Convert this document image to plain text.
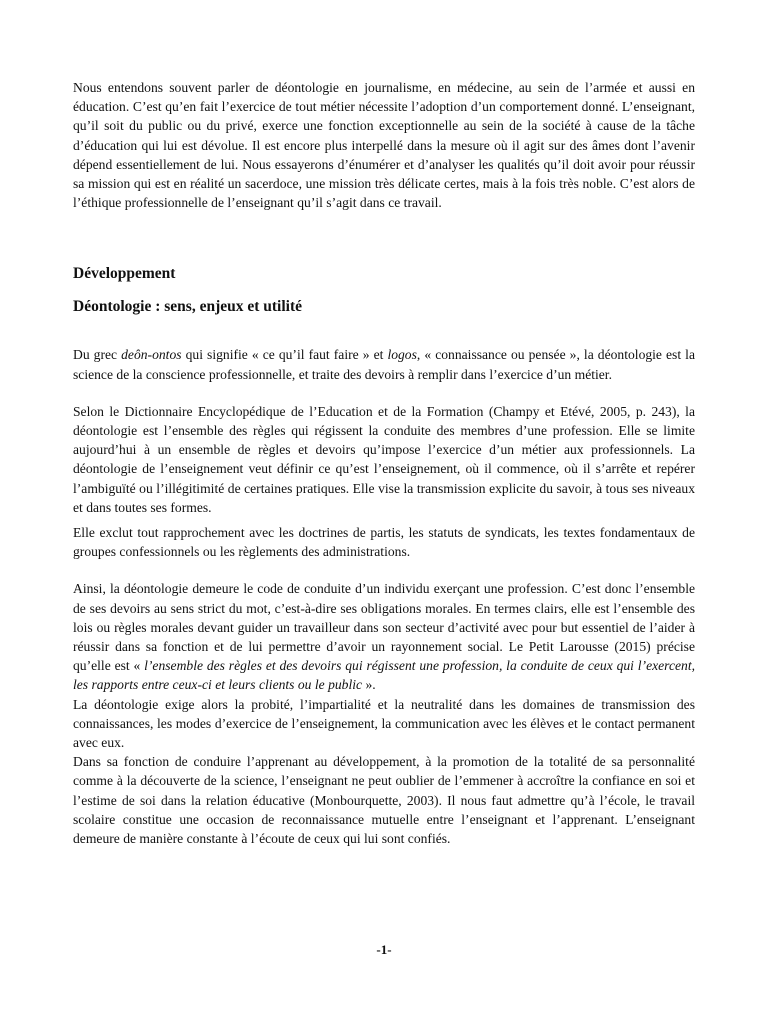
Nous entendons souvent parler de déontologie en journalisme, en médecine, au sein de l’armée et aussi en éducation. C’est qu’en fait l’exercice de tout métier nécessite l’adoption d’un comportement donné. L’enseignant, qu’il soit du public ou du privé, exerce une fonction exceptionnelle au sein de la société à cause de la tâche d’éducation qui lui est dévolue. Il est encore plus interpellé dans la mesure où il agit sur des âmes dont l’avenir dépend essentiellement de lui. Nous essayerons d’énumérer et d’analyser les qualités qu’il doit avoir pour réussir sa mission qui est en réalité un sacerdoce, une mission très délicate certes, mais à la fois très noble. C’est alors de l’éthique professionnelle de l’enseignant qu’il s’agit dans ce travail.

Développement
Déontologie : sens, enjeux et utilité

Du grec deôn-ontos qui signifie « ce qu’il faut faire » et logos, « connaissance ou pensée », la déontologie est la science de la conscience professionnelle, et traite des devoirs à remplir dans l’exercice d’un métier.

Selon le Dictionnaire Encyclopédique de l’Education et de la Formation (Champy et Etévé, 2005, p. 243), la déontologie est l’ensemble des règles qui régissent la conduite des membres d’une profession. Elle se limite aujourd’hui à un ensemble de règles et devoirs qu’impose l’exercice d’un métier aux professionnels. La déontologie de l’enseignement veut définir ce qu’est l’enseignement, où il commence, où il s’arrête et repérer l’ambiguïté ou l’illégitimité de certaines pratiques. Elle vise la transmission explicite du savoir, à tous ses niveaux et dans toutes ses formes.

Elle exclut tout rapprochement avec les doctrines de partis, les statuts de syndicats, les textes fondamentaux de groupes confessionnels ou les règlements des administrations.

Ainsi, la déontologie demeure le code de conduite d’un individu exerçant une profession. C’est donc l’ensemble de ses devoirs au sens strict du mot, c’est-à-dire ses obligations morales. En termes clairs, elle est l’ensemble des lois ou règles morales devant guider un travailleur dans son secteur d’activité avec pour but essentiel de l’aider à réussir dans sa fonction et de lui permettre d’avoir un rayonnement social. Le Petit Larousse (2015) précise qu’elle est « l’ensemble des règles et des devoirs qui régissent une profession, la conduite de ceux qui l’exercent, les rapports entre ceux-ci et leurs clients ou le public ».

La déontologie exige alors la probité, l’impartialité et la neutralité dans les domaines de transmission des connaissances, les modes d’exercice de l’enseignement, la communication avec les élèves et le contact permanent avec eux.

Dans sa fonction de conduire l’apprenant au développement, à la promotion de la totalité de sa personnalité comme à la découverte de la science, l’enseignant ne peut oublier de l’emmener à accroître la confiance en soi et l’estime de soi dans la relation éducative (Monbourquette, 2003). Il nous faut admettre qu’à l’école, le travail scolaire constitue une occasion de reconnaissance mutuelle entre l’enseignant et l’apprenant. L’enseignant demeure de manière constante à l’écoute de ceux qui lui sont confiés.

-1-
